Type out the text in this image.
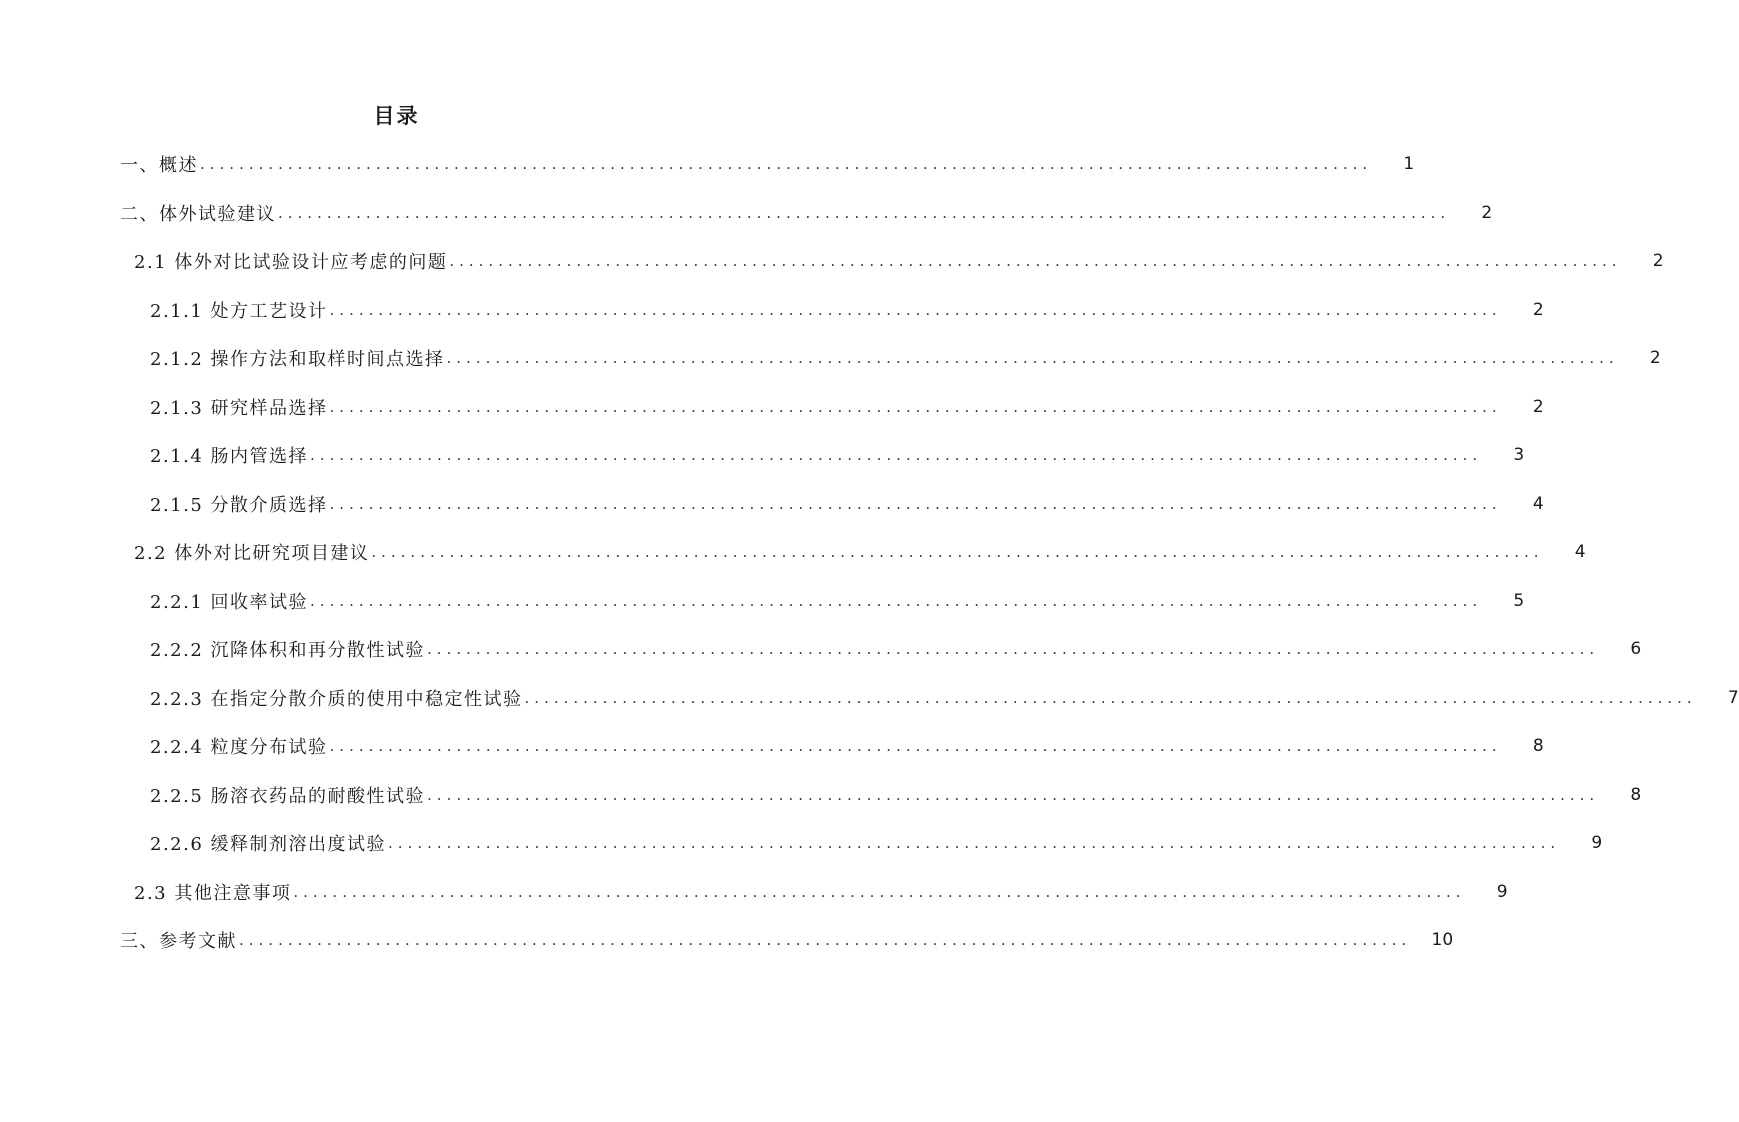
目录
一、概述 ........................................................................................................................	1
二、体外试验建议 ........................................................................................................................	2
2.1 体外对比试验设计应考虑的问题 ........................................................................................................................	2
2.1.1 处方工艺设计 ........................................................................................................................	2
2.1.2 操作方法和取样时间点选择 ........................................................................................................................	2
2.1.3 研究样品选择 ........................................................................................................................	2
2.1.4 肠内管选择 ........................................................................................................................	3
2.1.5 分散介质选择 ........................................................................................................................	4
2.2 体外对比研究项目建议 ........................................................................................................................	4
2.2.1 回收率试验 ........................................................................................................................	5
2.2.2 沉降体积和再分散性试验 ........................................................................................................................	6
2.2.3 在指定分散介质的使用中稳定性试验 ........................................................................................................................	7
2.2.4 粒度分布试验 ........................................................................................................................	8
2.2.5 肠溶衣药品的耐酸性试验 ........................................................................................................................	8
2.2.6 缓释制剂溶出度试验 ........................................................................................................................	9
2.3 其他注意事项 ........................................................................................................................	9
三、参考文献 ........................................................................................................................	10
